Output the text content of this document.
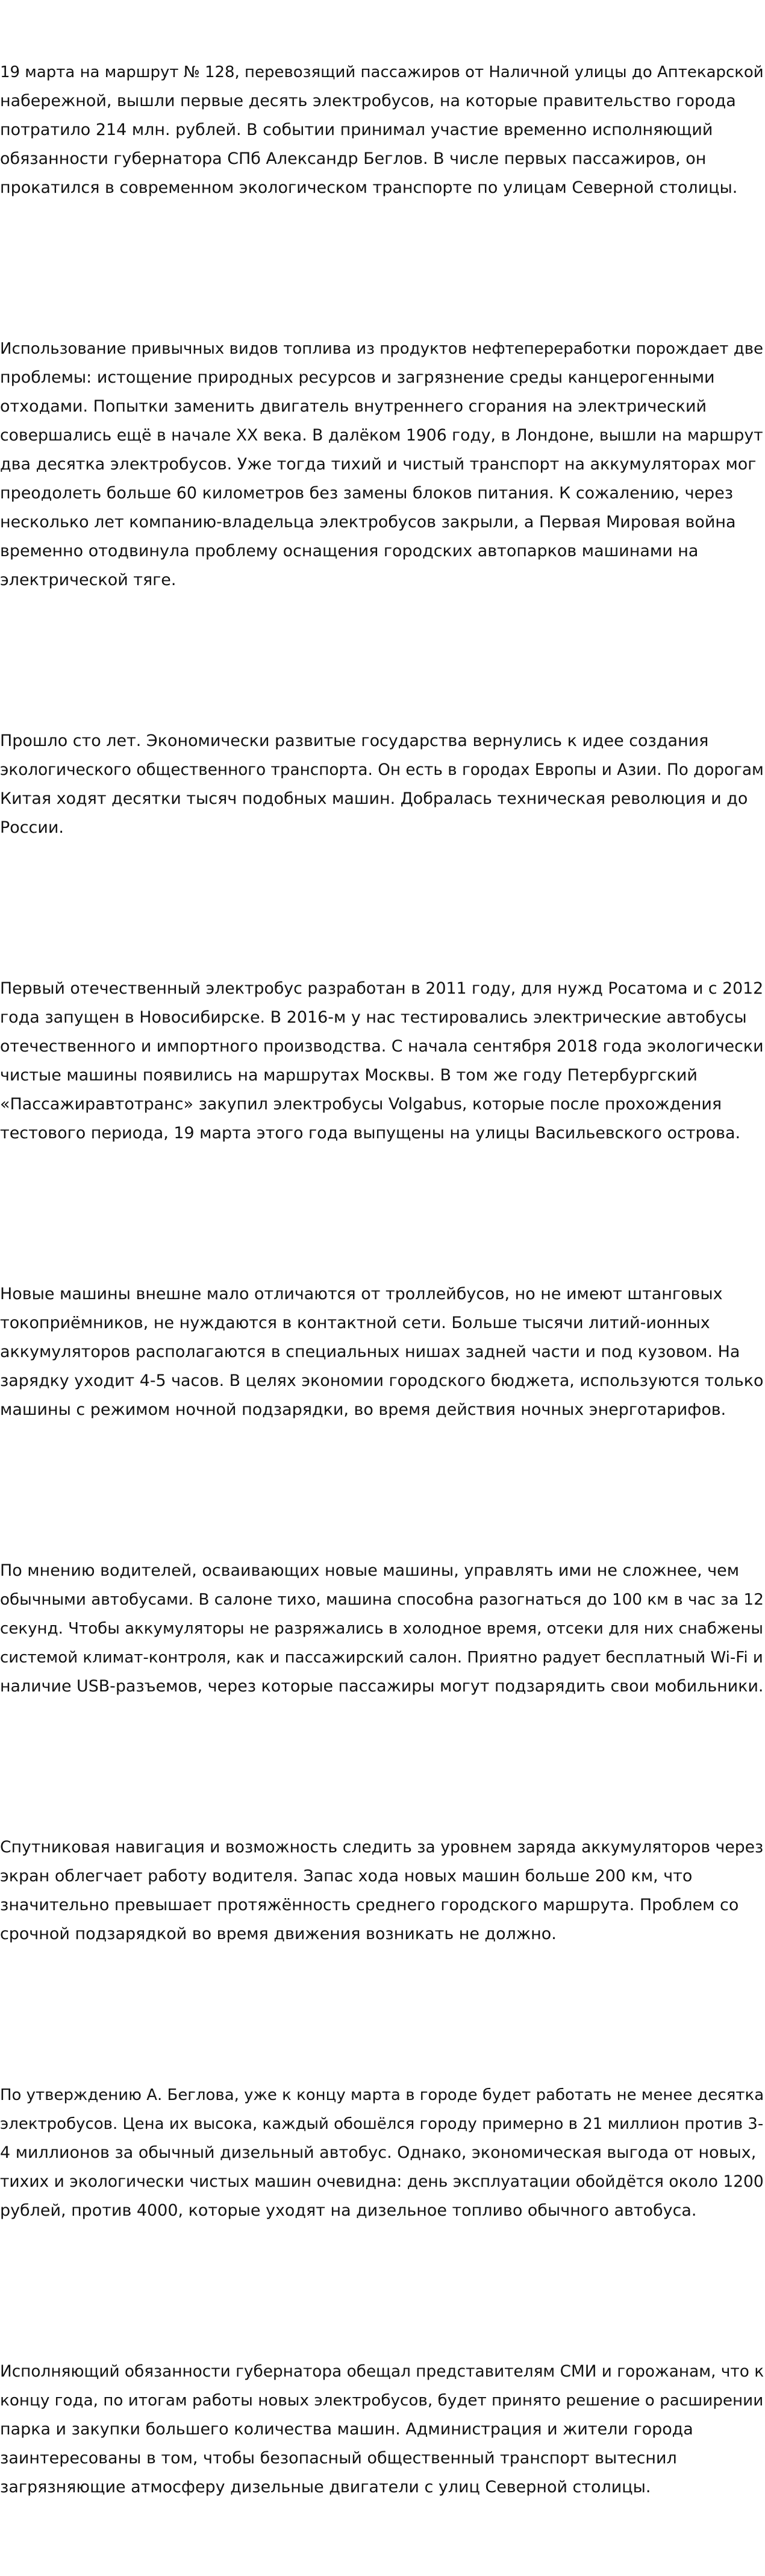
19 марта на маршрут № 128, перевозящий пассажиров от Наличной улицы до Аптекарской
набережной, вышли первые десять электробусов, на которые правительство города
потратило 214 млн. рублей. В событии принимал участие временно исполняющий
обязанности губернатора СПб Александр Беглов. В числе первых пассажиров, он
прокатился в современном экологическом транспорте по улицам Северной столицы.

Использование привычных видов топлива из продуктов нефтепереработки порождает две
проблемы: истощение природных ресурсов и загрязнение среды канцерогенными
отходами. Попытки заменить двигатель внутреннего сгорания на электрический
совершались ещё в начале XX века. В далёком 1906 году, в Лондоне, вышли на маршрут
два десятка электробусов. Уже тогда тихий и чистый транспорт на аккумуляторах мог
преодолеть больше 60 километров без замены блоков питания. К сожалению, через
несколько лет компанию-владельца электробусов закрыли, а Первая Мировая война
временно отодвинула проблему оснащения городских автопарков машинами на
электрической тяге.

Прошло сто лет. Экономически развитые государства вернулись к идее создания
экологического общественного транспорта. Он есть в городах Европы и Азии. По дорогам
Китая ходят десятки тысяч подобных машин. Добралась техническая революция и до
России.

Первый отечественный электробус разработан в 2011 году, для нужд Росатома и с 2012
года запущен в Новосибирске. В 2016-м у нас тестировались электрические автобусы
отечественного и импортного производства. С начала сентября 2018 года экологически
чистые машины появились на маршрутах Москвы. В том же году Петербургский
«Пассажиравтотранс» закупил электробусы Volgabus, которые после прохождения
тестового периода, 19 марта этого года выпущены на улицы Васильевского острова.

Новые машины внешне мало отличаются от троллейбусов, но не имеют штанговых
токоприёмников, не нуждаются в контактной сети. Больше тысячи литий-ионных
аккумуляторов располагаются в специальных нишах задней части и под кузовом. На
зарядку уходит 4-5 часов. В целях экономии городского бюджета, используются только
машины с режимом ночной подзарядки, во время действия ночных энерготарифов.

По мнению водителей, осваивающих новые машины, управлять ими не сложнее, чем
обычными автобусами. В салоне тихо, машина способна разогнаться до 100 км в час за 12
секунд. Чтобы аккумуляторы не разряжались в холодное время, отсеки для них снабжены
системой климат-контроля, как и пассажирский салон. Приятно радует бесплатный Wi-Fi и
наличие USB-разъемов, через которые пассажиры могут подзарядить свои мобильники.

Спутниковая навигация и возможность следить за уровнем заряда аккумуляторов через
экран облегчает работу водителя. Запас хода новых машин больше 200 км, что
значительно превышает протяжённость среднего городского маршрута. Проблем со
срочной подзарядкой во время движения возникать не должно.

По утверждению А. Беглова, уже к концу марта в городе будет работать не менее десятка
электробусов. Цена их высока, каждый обошёлся городу примерно в 21 миллион против 3-
4 миллионов за обычный дизельный автобус. Однако, экономическая выгода от новых,
тихих и экологически чистых машин очевидна: день эксплуатации обойдётся около 1200
рублей, против 4000, которые уходят на дизельное топливо обычного автобуса.

Исполняющий обязанности губернатора обещал представителям СМИ и горожанам, что к
концу года, по итогам работы новых электробусов, будет принято решение о расширении
парка и закупки большего количества машин. Администрация и жители города
заинтересованы в том, чтобы безопасный общественный транспорт вытеснил
загрязняющие атмосферу дизельные двигатели с улиц Северной столицы.
